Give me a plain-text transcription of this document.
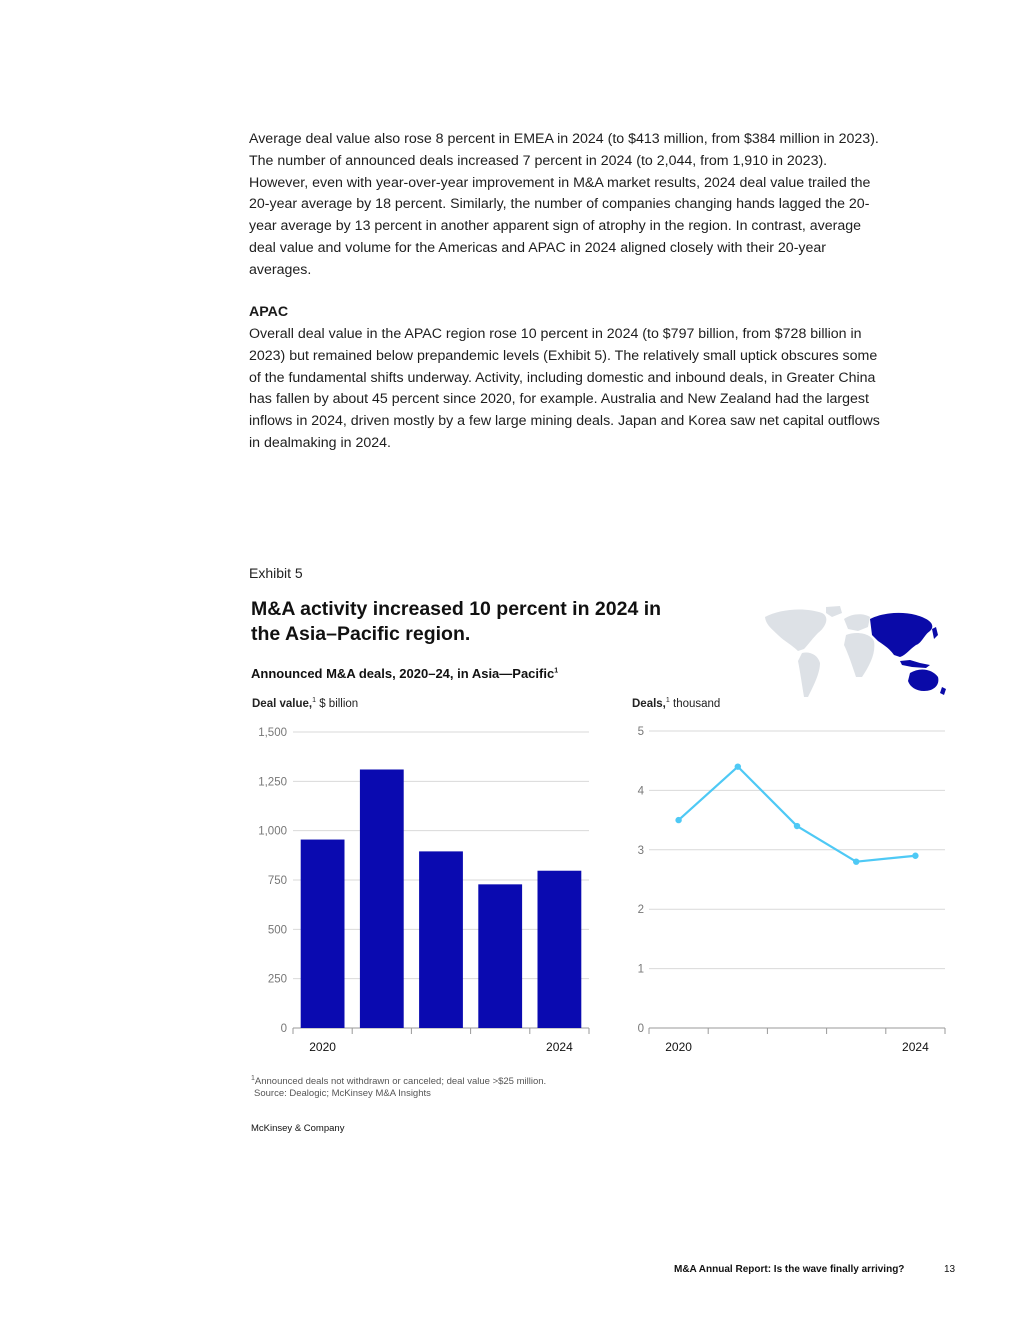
Average deal value also rose 8 percent in EMEA in 2024 (to $413 million, from $384 million in 2023). The number of announced deals increased 7 percent in 2024 (to 2,044, from 1,910 in 2023). However, even with year-over-year improvement in M&A market results, 2024 deal value trailed the 20-year average by 18 percent. Similarly, the number of companies changing hands lagged the 20-year average by 13 percent in another apparent sign of atrophy in the region. In contrast, average deal value and volume for the Americas and APAC in 2024 aligned closely with their 20-year averages.

APAC

Overall deal value in the APAC region rose 10 percent in 2024 (to $797 billion, from $728 billion in 2023) but remained below prepandemic levels (Exhibit 5). The relatively small uptick obscures some of the fundamental shifts underway. Activity, including domestic and inbound deals, in Greater China has fallen by about 45 percent since 2020, for example. Australia and New Zealand had the largest inflows in 2024, driven mostly by a few large mining deals. Japan and Korea saw net capital outflows in dealmaking in 2024.

Exhibit 5
M&A activity increased 10 percent in 2024 in the Asia–Pacific region.
Announced M&A deals, 2020–24, in Asia—Pacific$^1$
Deal value,$^1$ $ billion	Deals,$^1$ thousand
0
250
500
750
1,000
1,250
1,500
2020	2024
0
1
2
3
4
5
2020	2024
$^1$Announced deals not withdrawn or canceled; deal value >$25 million.
Source: Dealogic; McKinsey M&A Insights
McKinsey & Company
M&A Annual Report: Is the wave finally arriving?	13
